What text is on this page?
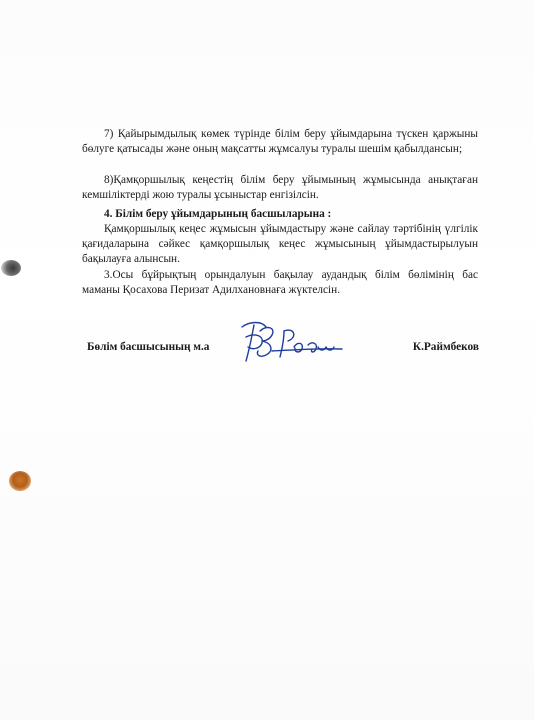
7) Қайырымдылық көмек түрінде білім беру ұйымдарына түскен қаржыны бөлуге қатысады және оның мақсатты жұмсалуы туралы шешім қабылдансын;

8)Қамқоршылық кеңестің білім беру ұйымының жұмысында анықтаған кемшіліктерді жою туралы ұсыныстар енгізілсін.

4. Білім беру ұйымдарының басшыларына :

Қамқоршылық кеңес жұмысын ұйымдастыру және сайлау тәртібінің үлгілік қағидаларына сәйкес қамқоршылық кеңес жұмысының ұйымдастырылуын бақылауға алынсын.

3.Осы бұйрықтың орындалуын бақылау аудандық білім бөлімінің бас маманы Қосахова Перизат Адилхановнаға жүктелсін.

Бөлім басшысының м.а	К.Раймбеков
